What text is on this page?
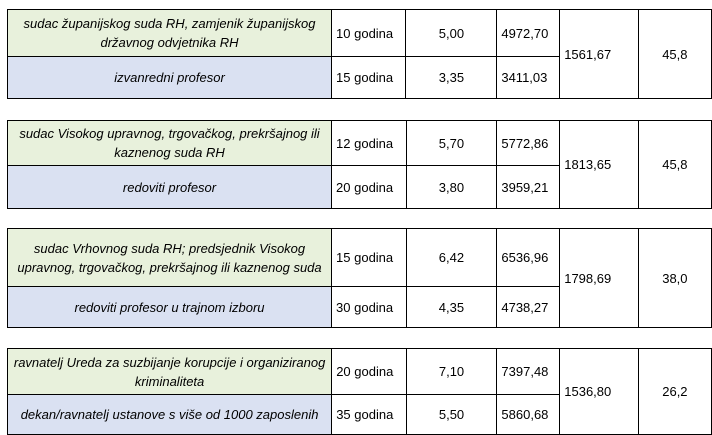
sudac županijskog suda RH, zamjenik županijskog državnog odvjetnika RH	10 godina	5,00	4972,70	1561,67	45,8
izvanredni profesor	15 godina	3,35	3411,03		
sudac Visokog upravnog, trgovačkog, prekršajnog ili kaznenog suda RH	12 godina	5,70	5772,86	1813,65	45,8
redoviti profesor	20 godina	3,80	3959,21		
sudac Vrhovnog suda RH; predsjednik Visokog upravnog, trgovačkog, prekršajnog ili kaznenog suda	15 godina	6,42	6536,96	1798,69	38,0
redoviti profesor u trajnom izboru	30 godina	4,35	4738,27		
ravnatelj Ureda za suzbijanje korupcije i organiziranog kriminaliteta	20 godina	7,10	7397,48	1536,80	26,2
dekan/ravnatelj ustanove s više od 1000 zaposlenih	35 godina	5,50	5860,68		
